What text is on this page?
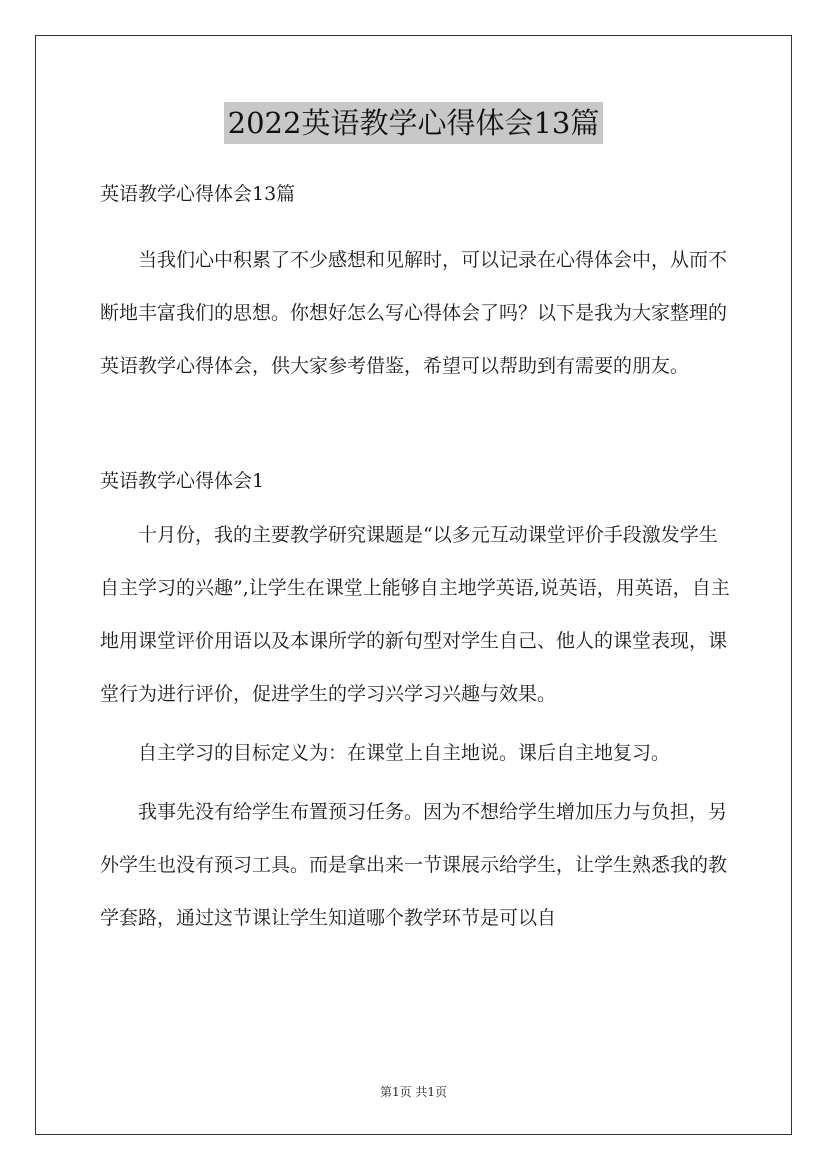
2022英语教学心得体会13篇

英语教学心得体会13篇

当我们心中积累了不少感想和见解时，可以记录在心得体会中，从而不断地丰富我们的思想。你想好怎么写心得体会了吗？以下是我为大家整理的英语教学心得体会，供大家参考借鉴，希望可以帮助到有需要的朋友。

英语教学心得体会1

十月份，我的主要教学研究课题是“以多元互动课堂评价手段激发学生自主学习的兴趣”,让学生在课堂上能够自主地学英语,说英语，用英语，自主地用课堂评价用语以及本课所学的新句型对学生自己、他人的课堂表现，课堂行为进行评价，促进学生的学习兴学习兴趣与效果。

自主学习的目标定义为：在课堂上自主地说。课后自主地复习。

我事先没有给学生布置预习任务。因为不想给学生增加压力与负担，另外学生也没有预习工具。而是拿出来一节课展示给学生，让学生熟悉我的教学套路，通过这节课让学生知道哪个教学环节是可以自

第1页 共1页
